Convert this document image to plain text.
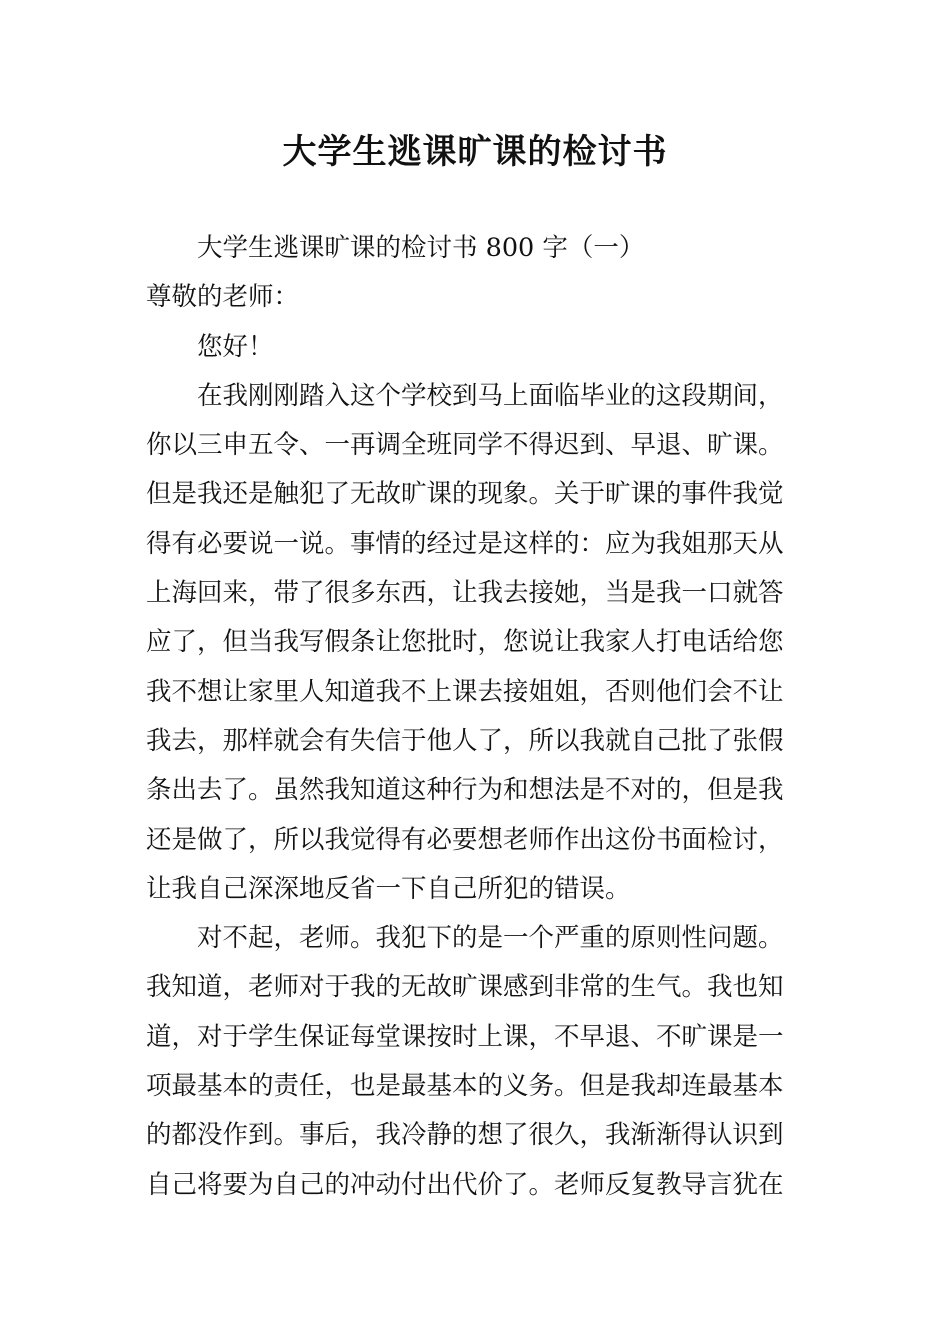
大学生逃课旷课的检讨书
大学生逃课旷课的检讨书 800 字（一）
尊敬的老师：
您好！
在我刚刚踏入这个学校到马上面临毕业的这段期间，
你以三申五令、一再调全班同学不得迟到、早退、旷课。
但是我还是触犯了无故旷课的现象。关于旷课的事件我觉
得有必要说一说。事情的经过是这样的：应为我姐那天从
上海回来，带了很多东西，让我去接她，当是我一口就答
应了，但当我写假条让您批时，您说让我家人打电话给您
我不想让家里人知道我不上课去接姐姐，否则他们会不让
我去，那样就会有失信于他人了，所以我就自己批了张假
条出去了。虽然我知道这种行为和想法是不对的，但是我
还是做了，所以我觉得有必要想老师作出这份书面检讨，
让我自己深深地反省一下自己所犯的错误。
对不起，老师。我犯下的是一个严重的原则性问题。
我知道，老师对于我的无故旷课感到非常的生气。我也知
道，对于学生保证每堂课按时上课，不早退、不旷课是一
项最基本的责任，也是最基本的义务。但是我却连最基本
的都没作到。事后，我冷静的想了很久，我渐渐得认识到
自己将要为自己的冲动付出代价了。老师反复教导言犹在
